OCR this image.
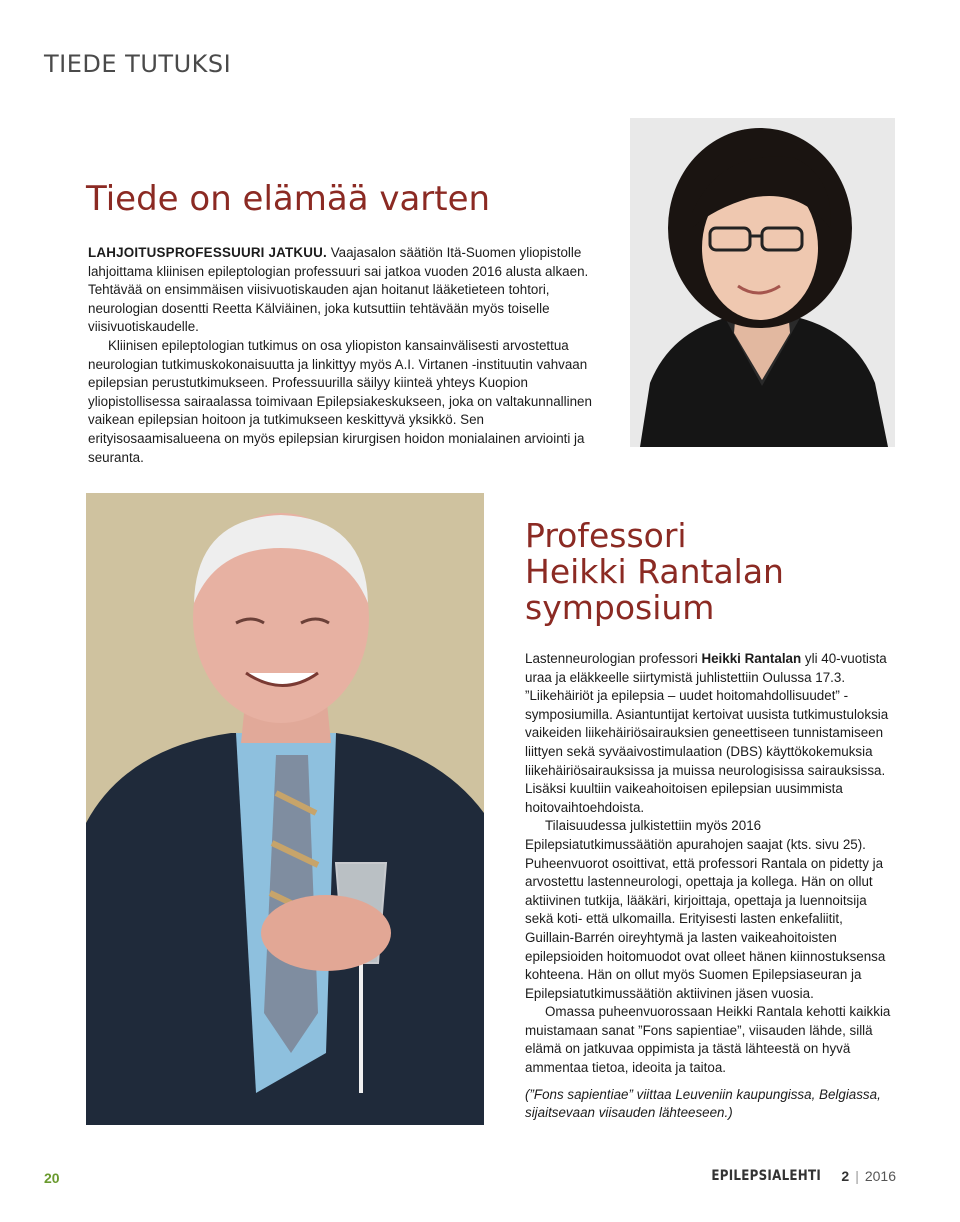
TIEDE TUTUKSI
Tiede on elämää varten

LAHJOITUSPROFESSUURI JATKUU. Vaajasalon säätiön Itä-Suomen yliopistolle lahjoittama kliinisen epileptologian professuuri sai jatkoa vuoden 2016 alusta alkaen. Tehtävää on ensimmäisen viisivuotiskauden ajan hoitanut lääketieteen tohtori, neurologian dosentti Reetta Kälviäinen, joka kutsuttiin tehtävään myös toiselle viisivuotiskaudelle.

Kliinisen epileptologian tutkimus on osa yliopiston kansainvälisesti arvostettua neurologian tutkimuskokonaisuutta ja linkittyy myös A.I. Virtanen -instituutin vahvaan epilepsian perustutkimukseen. Professuurilla säilyy kiinteä yhteys Kuopion yliopistollisessa sairaalassa toimivaan Epilepsiakeskukseen, joka on valtakunnallinen vaikean epilepsian hoitoon ja tutkimukseen keskittyvä yksikkö. Sen erityisosaamisalueena on myös epilepsian kirurgisen hoidon monialainen arviointi ja seuranta.

Professori
Heikki Rantalan
symposium

Lastenneurologian professori Heikki Rantalan yli 40-vuotista uraa ja eläkkeelle siirtymistä juhlistettiin Oulussa 17.3. ”Liikehäiriöt ja epilepsia – uudet hoitomahdollisuudet” -symposiumilla. Asiantuntijat kertoivat uusista tutkimustuloksia vaikeiden liikehäiriösairauksien geneettiseen tunnistamiseen liittyen sekä syväaivostimulaation (DBS) käyttökokemuksia liikehäiriösairauksissa ja muissa neurologisissa sairauksissa. Lisäksi kuultiin vaikeahoitoisen epilepsian uusimmista hoitovaihtoehdoista.

Tilaisuudessa julkistettiin myös 2016 Epilepsiatutkimussäätiön apurahojen saajat (kts. sivu 25). Puheenvuorot osoittivat, että professori Rantala on pidetty ja arvostettu lastenneurologi, opettaja ja kollega. Hän on ollut aktiivinen tutkija, lääkäri, kirjoittaja, opettaja ja luennoitsija sekä koti- että ulkomailla. Erityisesti lasten enkefaliitit, Guillain-Barrén oireyhtymä ja lasten vaikeahoitoisten epilepsioiden hoitomuodot ovat olleet hänen kiinnostuksensa kohteena. Hän on ollut myös Suomen Epilepsiaseuran ja Epilepsiatutkimussäätiön aktiivinen jäsen vuosia.

Omassa puheenvuorossaan Heikki Rantala kehotti kaikkia muistamaan sanat ”Fons sapientiae”, viisauden lähde, sillä elämä on jatkuvaa oppimista ja tästä lähteestä on hyvä ammentaa tietoa, ideoita ja taitoa.

(”Fons sapientiae” viittaa Leuveniin kaupungissa, Belgiassa, sijaitsevaan viisauden lähteeseen.)

20	EPILEPSIALEHTI 2 | 2016
